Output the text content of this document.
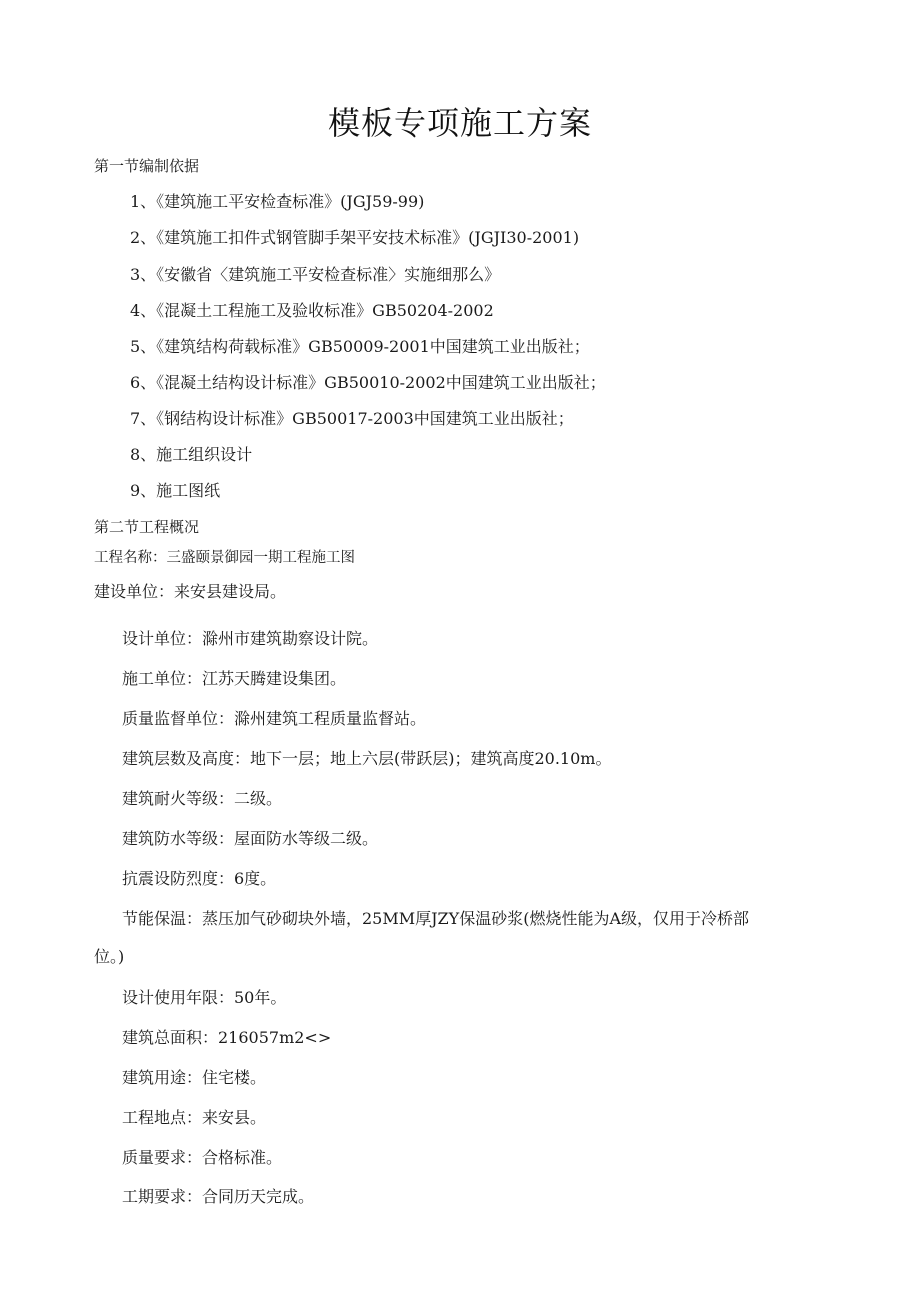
模板专项施工方案
第一节编制依据
1、《建筑施工平安检查标准》(JGJ59-99)
2、《建筑施工扣件式钢管脚手架平安技术标准》(JGJI30-2001)
3、《安徽省〈建筑施工平安检查标准〉实施细那么》
4、《混凝土工程施工及验收标准》GB50204-2002
5、《建筑结构荷载标准》GB50009-2001中国建筑工业出版社；
6、《混凝土结构设计标准》GB50010-2002中国建筑工业出版社；
7、《钢结构设计标准》GB50017-2003中国建筑工业出版社；
8、施工组织设计
9、施工图纸
第二节工程概况
工程名称：三盛颐景御园一期工程施工图
建设单位：来安县建设局。
设计单位：滁州市建筑勘察设计院。
施工单位：江苏天腾建设集团。
质量监督单位：滁州建筑工程质量监督站。
建筑层数及高度：地下一层；地上六层(带跃层)；建筑高度20.10m。
建筑耐火等级：二级。
建筑防水等级：屋面防水等级二级。
抗震设防烈度：6度。
节能保温：蒸压加气砂砌块外墙，25MM厚JZY保温砂浆(燃烧性能为A级，仅用于冷桥部
位。)
设计使用年限：50年。
建筑总面积：216057m2<>
建筑用途：住宅楼。
工程地点：来安县。
质量要求：合格标准。
工期要求：合同历天完成。
